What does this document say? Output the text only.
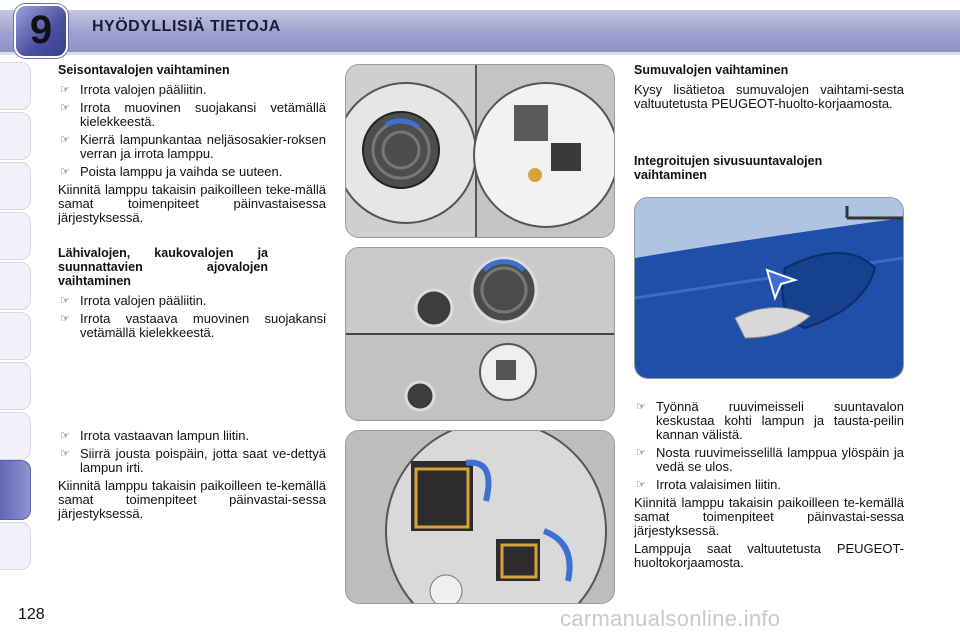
9	HYÖDYLLISIÄ TIETOJA
Seisontavalojen vaihtaminen
☞ Irrota valojen pääliitin.
☞ Irrota muovinen suojakansi vetämällä kielekkeestä.
☞ Kierrä lampunkantaa neljäsosakier-roksen verran ja irrota lamppu.
☞ Poista lamppu ja vaihda se uuteen.

Kiinnitä lamppu takaisin paikoilleen teke-mällä samat toimenpiteet päinvastaisessa järjestyksessä.

Lähivalojen, kaukovalojen ja suunnattavien ajovalojen vaihtaminen
☞ Irrota valojen pääliitin.
☞ Irrota vastaava muovinen suojakansi vetämällä kielekkeestä.
☞ Irrota vastaavan lampun liitin.
☞ Siirrä jousta poispäin, jotta saat ve-dettyä lampun irti.

Kiinnitä lamppu takaisin paikoilleen te-kemällä samat toimenpiteet päinvastai-sessa järjestyksessä.

Sumuvalojen vaihtaminen

Kysy lisätietoa sumuvalojen vaihtami-sesta valtuutetusta PEUGEOT-huolto-korjaamosta.

Integroitujen sivusuuntavalojen vaihtaminen
☞ Työnnä ruuvimeisseli suuntavalon keskustaa kohti lampun ja tausta-peilin kannan välistä.
☞ Nosta ruuvimeisselillä lamppua ylöspäin ja vedä se ulos.
☞ Irrota valaisimen liitin.

Kiinnitä lamppu takaisin paikoilleen te-kemällä samat toimenpiteet päinvastai-sessa järjestyksessä.

Lamppuja saat valtuutetusta PEUGEOT-huoltokorjaamosta.

128	carmanualsonline.info
